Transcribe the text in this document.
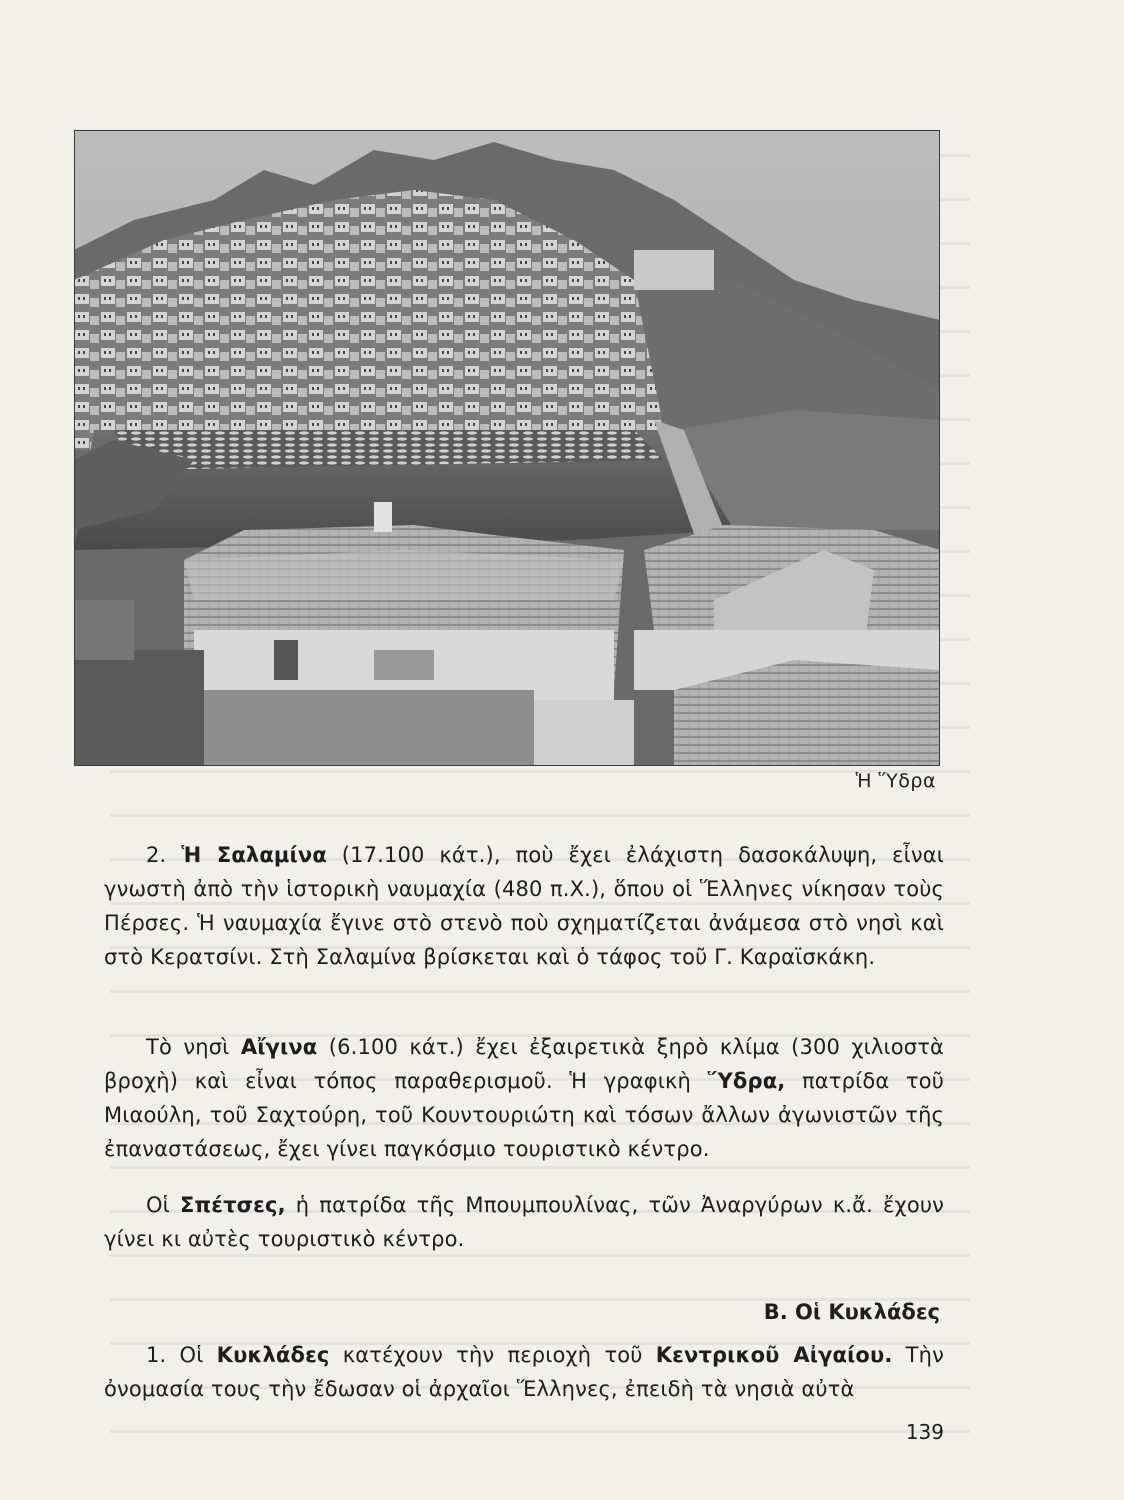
Ἡ Ὕδρα

2. Ἡ Σαλαμίνα (17.100 κάτ.), ποὺ ἔχει ἐλάχιστη δασοκάλυψη, εἶναι γνωστὴ ἀπὸ τὴν ἱστορικὴ ναυμαχία (480 π.Χ.), ὅπου οἱ Ἕλληνες νίκησαν τοὺς Πέρσες. Ἡ ναυμαχία ἔγινε στὸ στενὸ ποὺ σχηματίζεται ἀνάμεσα στὸ νησὶ καὶ στὸ Κερατσίνι. Στὴ Σαλαμίνα βρίσκεται καὶ ὁ τάφος τοῦ Γ. Καραϊσκάκη.

Τὸ νησὶ Αἴγινα (6.100 κάτ.) ἔχει ἐξαιρετικὰ ξηρὸ κλίμα (300 χιλιοστὰ βροχὴ) καὶ εἶναι τόπος παραθερισμοῦ. Ἡ γραφικὴ Ὕδρα, πατρίδα τοῦ Μιαούλη, τοῦ Σαχτούρη, τοῦ Κουντουριώτη καὶ τόσων ἄλλων ἀγωνιστῶν τῆς ἐπαναστάσεως, ἔχει γίνει παγκόσμιο τουριστικὸ κέντρο.

Οἱ Σπέτσες, ἡ πατρίδα τῆς Μπουμπουλίνας, τῶν Ἀναργύρων κ.ἄ. ἔχουν γίνει κι αὐτὲς τουριστικὸ κέντρο.

Β. Οἱ Κυκλάδες

1. Οἱ Κυκλάδες κατέχουν τὴν περιοχὴ τοῦ Κεντρικοῦ Αἰγαίου. Τὴν ὀνομασία τους τὴν ἔδωσαν οἱ ἀρχαῖοι Ἕλληνες, ἐπειδὴ τὰ νησιὰ αὐτὰ

139
